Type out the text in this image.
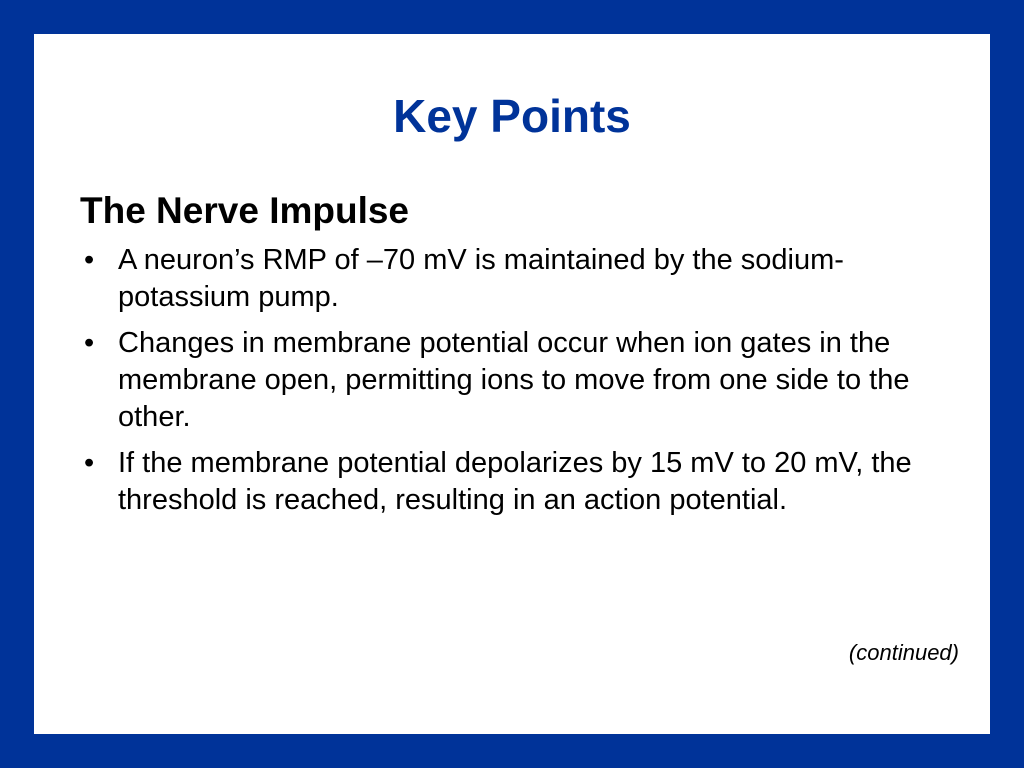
Key Points
The Nerve Impulse
• A neuron’s RMP of –70 mV is maintained by the sodium-potassium pump.
• Changes in membrane potential occur when ion gates in the membrane open, permitting ions to move from one side to the other.
• If the membrane potential depolarizes by 15 mV to 20 mV, the threshold is reached, resulting in an action potential.
(continued)
